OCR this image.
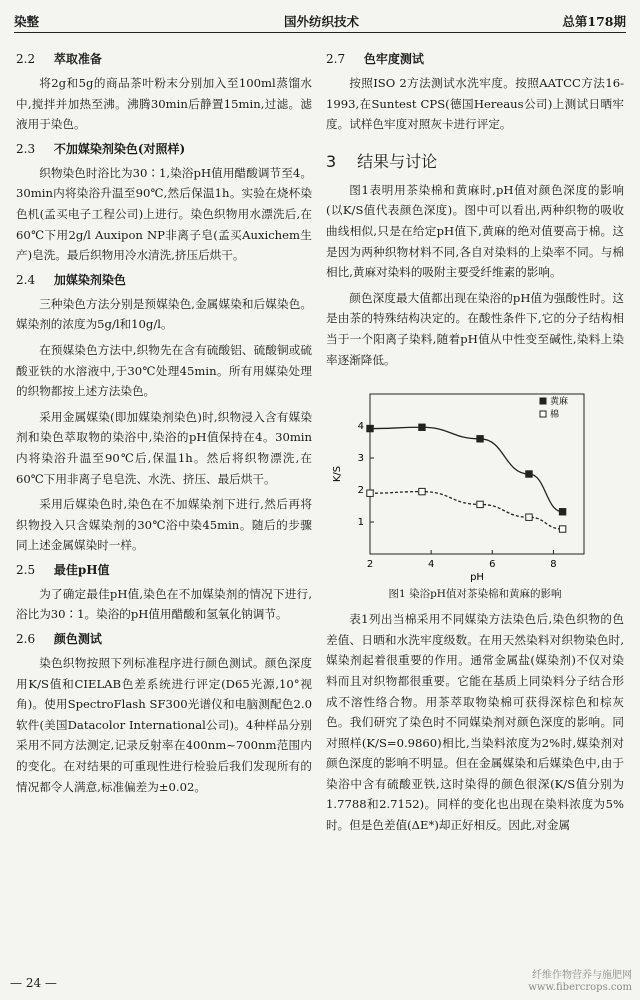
染整	国外纺织技术	总第178期
2.2 萃取准备

将2g和5g的商品茶叶粉末分别加入至100ml蒸馏水中,搅拌并加热至沸。沸腾30min后静置15min,过滤。滤液用于染色。

2.3 不加媒染剂染色(对照样)

织物染色时浴比为30∶1,染浴pH值用醋酸调节至4。30min内将染浴升温至90℃,然后保温1h。实验在烧杯染色机(孟买电子工程公司)上进行。染色织物用水漂洗后,在60℃下用2g/l Auxipon NP非离子皂(孟买Auxichem生产)皂洗。最后织物用冷水清洗,挤压后烘干。

2.4 加媒染剂染色

三种染色方法分别是预媒染色,金属媒染和后媒染色。媒染剂的浓度为5g/l和10g/l。

在预媒染色方法中,织物先在含有硫酸铝、硫酸铜或硫酸亚铁的水溶液中,于30℃处理45min。所有用媒染处理的织物都按上述方法染色。

采用金属媒染(即加媒染剂染色)时,织物浸入含有媒染剂和染色萃取物的染浴中,染浴的pH值保持在4。30min内将染浴升温至90℃后,保温1h。然后将织物漂洗,在60℃下用非离子皂皂洗、水洗、挤压、最后烘干。

采用后媒染色时,染色在不加媒染剂下进行,然后再将织物投入只含媒染剂的30℃浴中染45min。随后的步骤同上述金属媒染时一样。

2.5 最佳pH值

为了确定最佳pH值,染色在不加媒染剂的情况下进行,浴比为30∶1。染浴的pH值用醋酸和氢氧化钠调节。

2.6 颜色测试

染色织物按照下列标准程序进行颜色测试。颜色深度用K/S值和CIELAB色差系统进行评定(D65光源,10°视角)。使用SpectroFlash SF300光谱仪和电脑测配色2.0软件(美国Datacolor International公司)。4种样品分别采用不同方法测定,记录反射率在400nm~700nm范围内的变化。在对结果的可重现性进行检验后我们发现所有的情况都令人满意,标准偏差为±0.02。

2.7 色牢度测试

按照ISO 2方法测试水洗牢度。按照AATCC方法16-1993,在Suntest CPS(德国Hereaus公司)上测试日晒牢度。试样色牢度对照灰卡进行评定。

3 结果与讨论

图1表明用茶染棉和黄麻时,pH值对颜色深度的影响(以K/S值代表颜色深度)。图中可以看出,两种织物的吸收曲线相似,只是在给定pH值下,黄麻的绝对值要高于棉。这是因为两种织物材料不同,各自对染料的上染率不同。与棉相比,黄麻对染料的吸附主要受纤维素的影响。

颜色深度最大值都出现在染浴的pH值为强酸性时。这是由茶的特殊结构决定的。在酸性条件下,它的分子结构相当于一个阳离子染料,随着pH值从中性变至碱性,染料上染率逐渐降低。

2	4	6	8
4
3
2
1
pH
K/S
黄麻
棉
图1 染浴pH值对茶染棉和黄麻的影响

表1列出当棉采用不同媒染方法染色后,染色织物的色差值、日晒和水洗牢度级数。在用天然染料对织物染色时,媒染剂起着很重要的作用。通常金属盐(媒染剂)不仅对染料而且对织物都很重要。它能在基质上同染料分子结合形成不溶性络合物。用茶萃取物染棉可获得深棕色和棕灰色。我们研究了染色时不同媒染剂对颜色深度的影响。同对照样(K/S=0.9860)相比,当染料浓度为2%时,媒染剂对颜色深度的影响不明显。但在金属媒染和后媒染色中,由于染浴中含有硫酸亚铁,这时染得的颜色很深(K/S值分别为1.7788和2.7152)。同样的变化也出现在染料浓度为5%时。但是色差值(ΔE*)却正好相反。因此,对金属

— 24 —
纤维作物营养与施肥网
www.fibercrops.com
